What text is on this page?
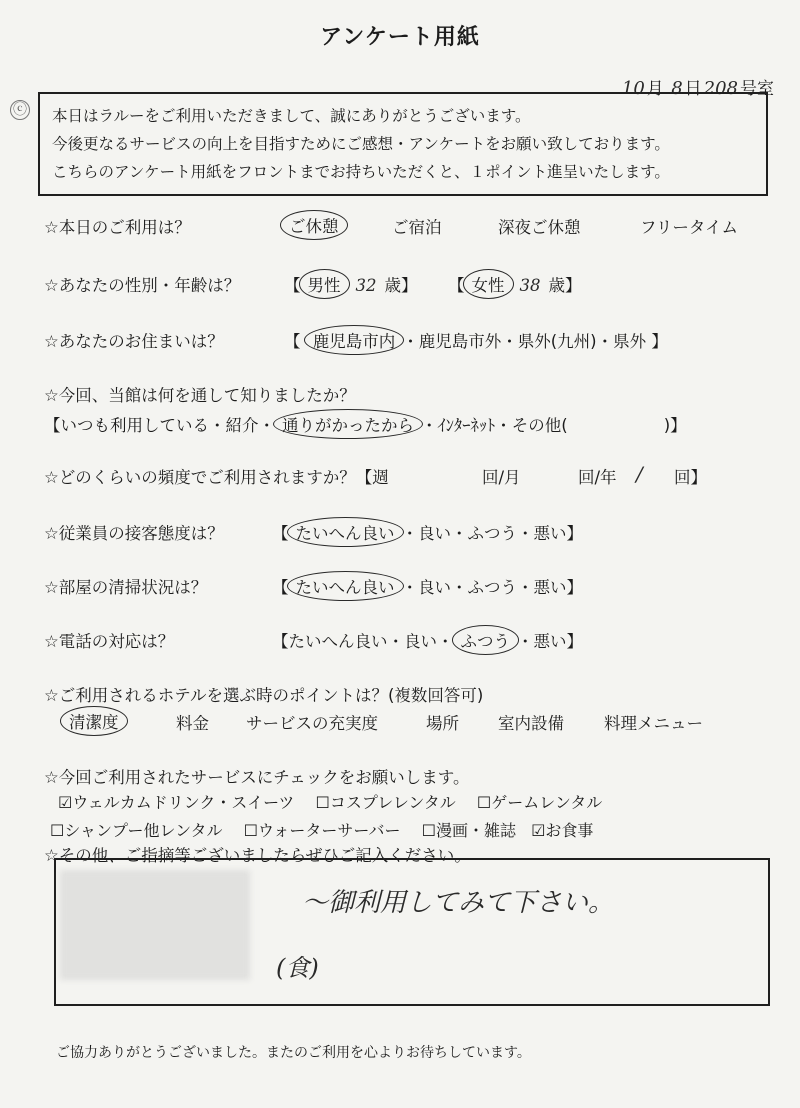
アンケート用紙
10 月 8 日 208 号室
ⓒ 本日はラルーをご利用いただきまして、誠にありがとうございます。
今後更なるサービスの向上を目指すためにご感想・アンケートをお願い致しております。
こちらのアンケート用紙をフロントまでお持ちいただくと、１ポイント進呈いたします。
☆本日のご利用は？	ご休憩	ご宿泊	深夜ご休憩	フリータイム
☆あなたの性別・年齢は？	【 男性 32 歳】 【 女性 38 歳】
☆あなたのお住まいは？	【 鹿児島市内 ・鹿児島市外・県外(九州)・県外 】
☆今回、当館は何を通して知りましたか？
【いつも利用している・紹介・ 通りがかったから ・ｲﾝﾀｰﾈｯﾄ・その他(	)】
☆どのくらいの頻度でご利用されますか？【週	回/月	回/年 / 回】
☆従業員の接客態度は？	【 たいへん良い ・良い・ふつう・悪い】
☆部屋の清掃状況は？	【 たいへん良い ・良い・ふつう・悪い】
☆電話の対応は？	【たいへん良い・良い・ ふつう ・悪い】
☆ご利用されるホテルを選ぶ時のポイントは？(複数回答可)
清潔度	料金 サービスの充実度	場所 室内設備 料理メニュー
☆今回ご利用されたサービスにチェックをお願いします。
☑ウェルカムドリンク・スイーツ ☐コスプレレンタル ☐ゲームレンタル
☐シャンプー他レンタル ☐ウォーターサーバー ☐漫画・雑誌 ☑お食事
☆その他、ご指摘等ございましたらぜひご記入ください。
〜御利用してみて下さい。
(食)
ご協力ありがとうございました。またのご利用を心よりお待ちしています。
